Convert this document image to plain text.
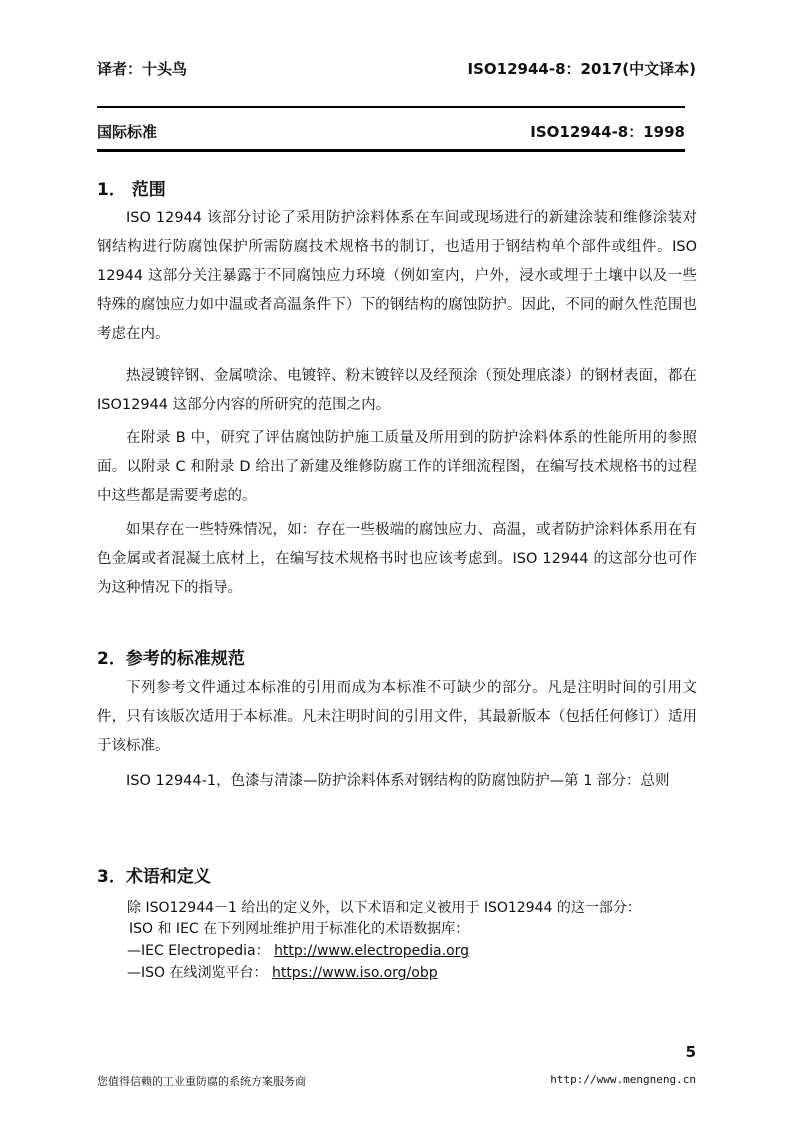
译者：十头鸟	ISO12944-8：2017(中文译本)
国际标准	ISO12944-8：1998
1． 范围

ISO 12944 该部分讨论了采用防护涂料体系在车间或现场进行的新建涂装和维修涂装对钢结构进行防腐蚀保护所需防腐技术规格书的制订，也适用于钢结构单个部件或组件。ISO 12944 这部分关注暴露于不同腐蚀应力环境（例如室内，户外，浸水或埋于土壤中以及一些特殊的腐蚀应力如中温或者高温条件下）下的钢结构的腐蚀防护。因此，不同的耐久性范围也考虑在内。

热浸镀锌钢、金属喷涂、电镀锌、粉末镀锌以及经预涂（预处理底漆）的钢材表面，都在 ISO12944 这部分内容的所研究的范围之内。

在附录 B 中，研究了评估腐蚀防护施工质量及所用到的防护涂料体系的性能所用的参照面。以附录 C 和附录 D 给出了新建及维修防腐工作的详细流程图，在编写技术规格书的过程中这些都是需要考虑的。

如果存在一些特殊情况，如：存在一些极端的腐蚀应力、高温，或者防护涂料体系用在有色金属或者混凝土底材上，在编写技术规格书时也应该考虑到。ISO 12944 的这部分也可作为这种情况下的指导。

2．参考的标准规范

下列参考文件通过本标准的引用而成为本标准不可缺少的部分。凡是注明时间的引用文件，只有该版次适用于本标准。凡未注明时间的引用文件，其最新版本（包括任何修订）适用于该标准。

ISO 12944-1，色漆与清漆—防护涂料体系对钢结构的防腐蚀防护—第 1 部分：总则

3．术语和定义
除 ISO12944－1 给出的定义外，以下术语和定义被用于 ISO12944 的这一部分：
ISO 和 IEC 在下列网址维护用于标准化的术语数据库：
—IEC Electropedia： http://www.electropedia.org
—ISO 在线浏览平台： https://www.iso.org/obp
5
您值得信赖的工业重防腐的系统方案服务商	http://www.mengneng.cn
